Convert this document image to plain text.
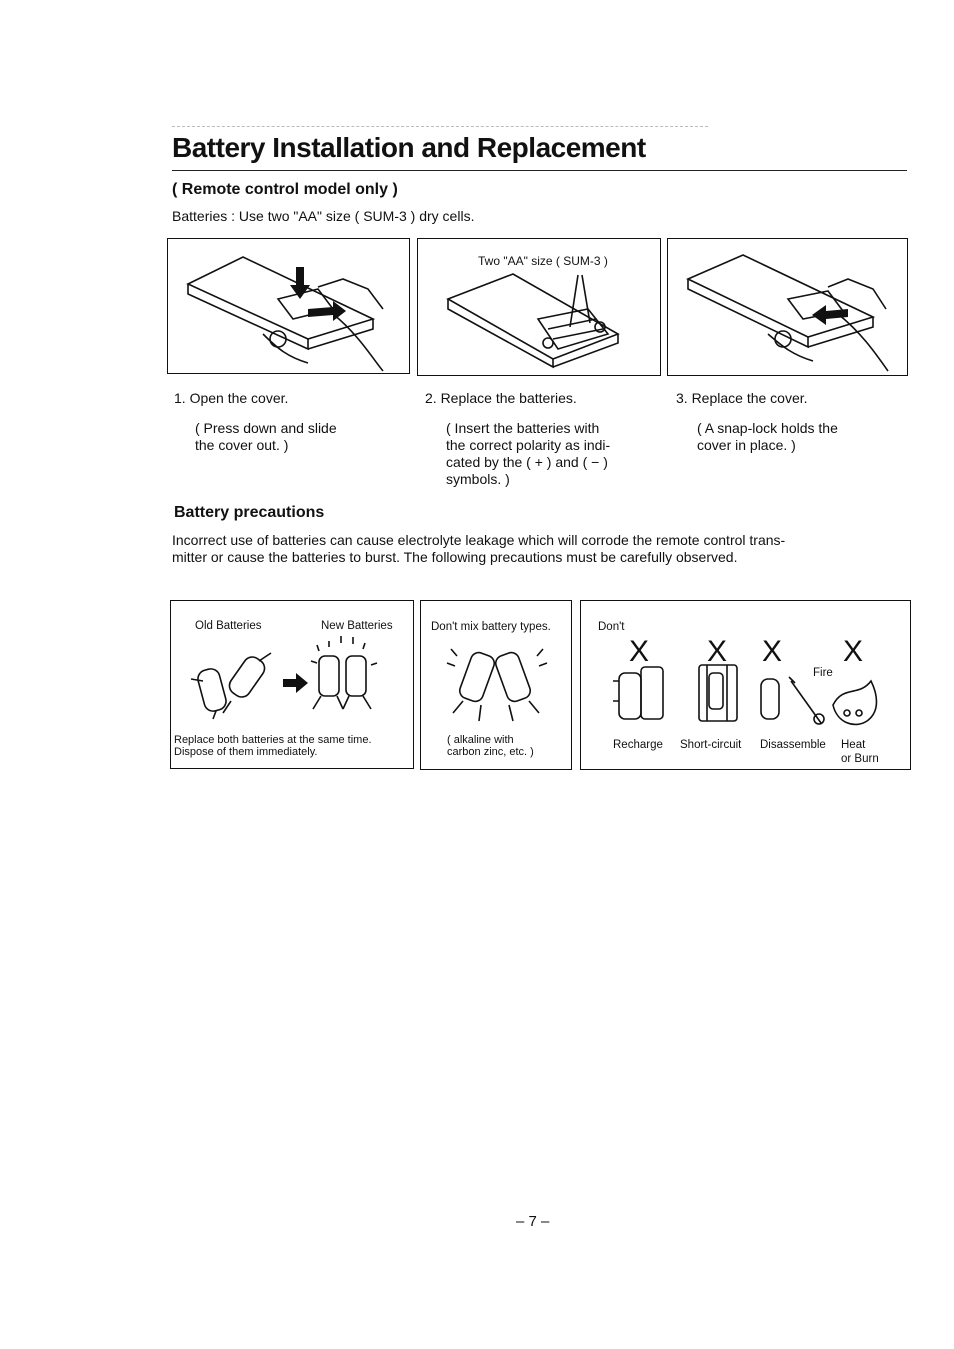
Battery Installation and Replacement
( Remote control model only )
Batteries : Use two "AA" size ( SUM-3 ) dry cells.
Two "AA" size ( SUM-3 )
1. Open the cover.
( Press down and slide
the cover out. )
2. Replace the batteries.
( Insert the batteries with
the correct polarity as indi-
cated by the ( + ) and ( − )
symbols. )
3. Replace the cover.
( A snap-lock holds the
cover in place. )
Battery precautions
Incorrect use of batteries can cause electrolyte leakage which will corrode the remote control trans-
mitter or cause the batteries to burst. The following precautions must be carefully observed.
Old Batteries	New Batteries
Replace both batteries at the same time.
Dispose of them immediately.
Don't mix battery types.
( alkaline with
carbon zinc, etc. )
Don't
X X X X
Fire
Recharge Short-circuit Disassemble Heat
or Burn
– 7 –
